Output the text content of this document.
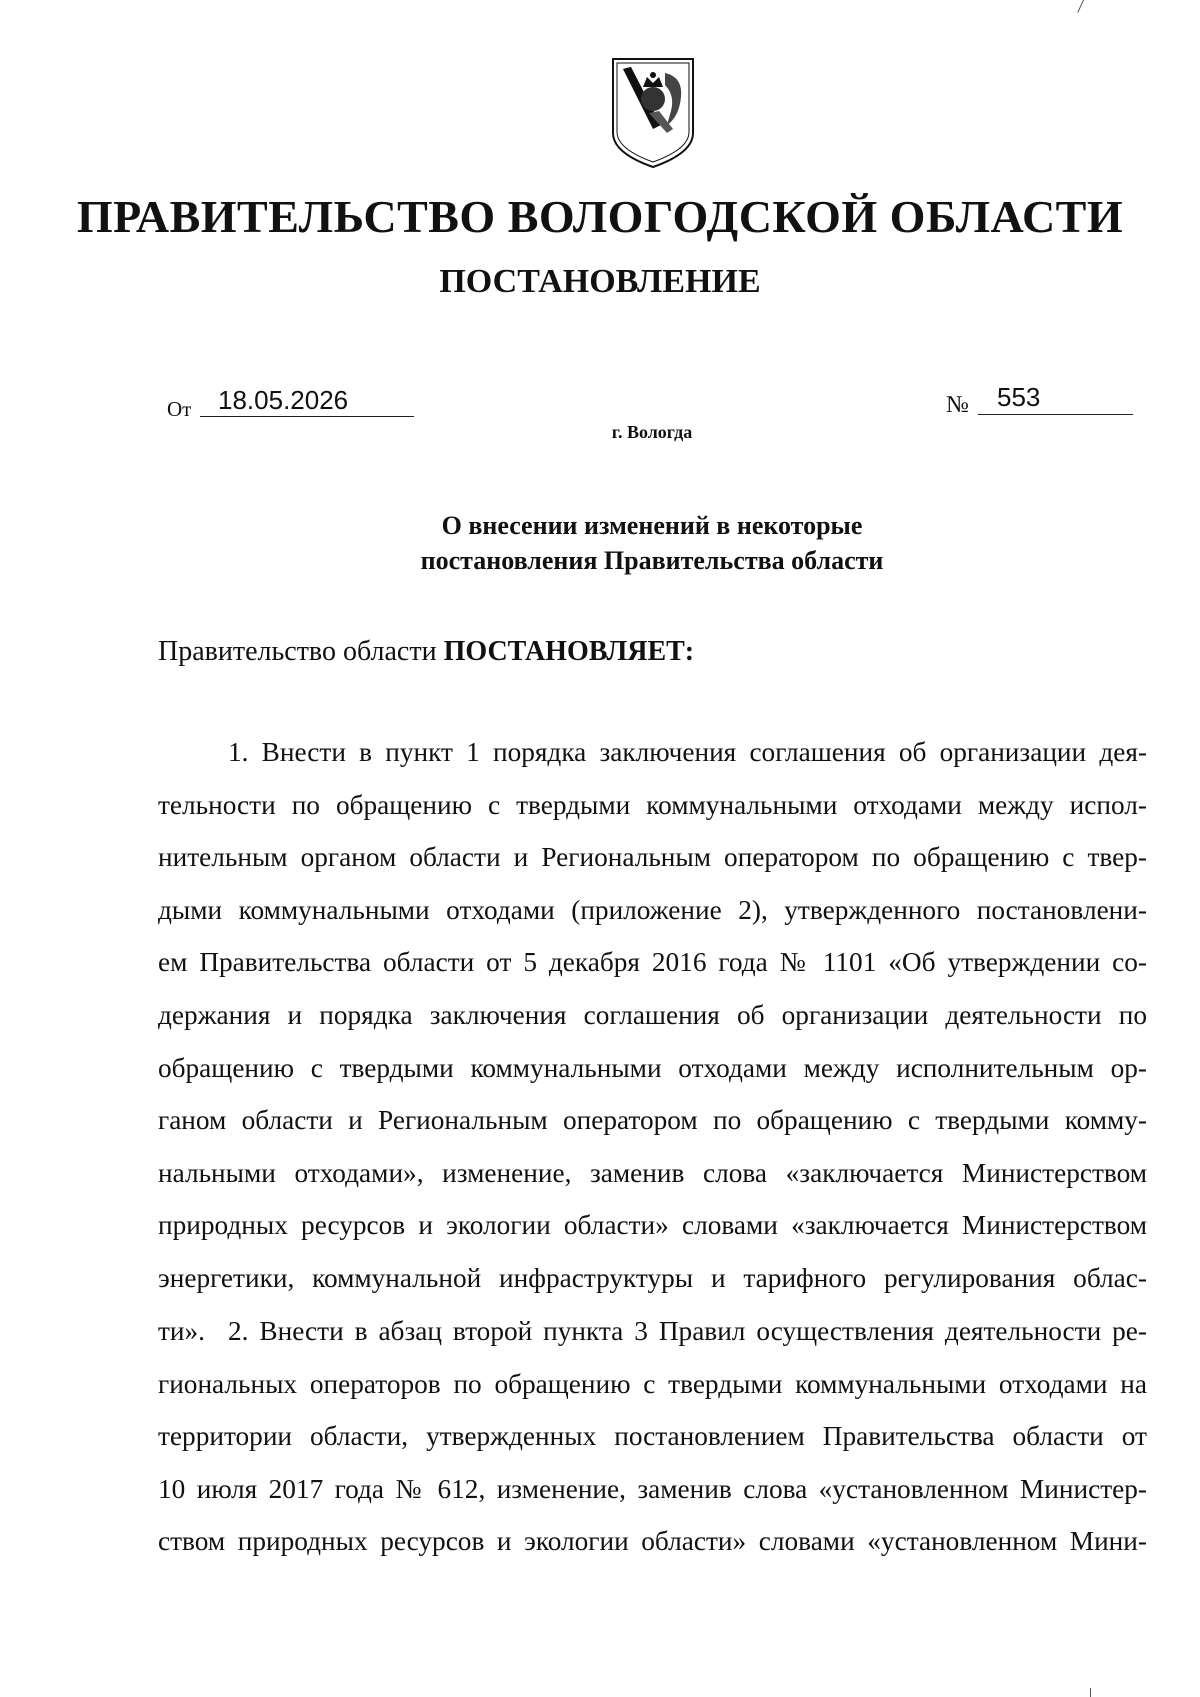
ПРАВИТЕЛЬСТВО ВОЛОГОДСКОЙ ОБЛАСТИ
ПОСТАНОВЛЕНИЕ
От	18.05.2026	№	553
г. Вологда
О внесении изменений в некоторые
постановления Правительства области
Правительство области ПОСТАНОВЛЯЕТ:
1. Внести в пункт 1 порядка заключения соглашения об организации дея-
тельности по обращению с твердыми коммунальными отходами между испол-
нительным органом области и Региональным оператором по обращению с твер-
дыми коммунальными отходами (приложение 2), утвержденного постановлени-
ем Правительства области от 5 декабря 2016 года № 1101 «Об утверждении со-
держания и порядка заключения соглашения об организации деятельности по
обращению с твердыми коммунальными отходами между исполнительным ор-
ганом области и Региональным оператором по обращению с твердыми комму-
нальными отходами», изменение, заменив слова «заключается Министерством
природных ресурсов и экологии области» словами «заключается Министерством
энергетики, коммунальной инфраструктуры и тарифного регулирования облас-
ти». 2. Внести в абзац второй пункта 3 Правил осуществления деятельности ре-
гиональных операторов по обращению с твердыми коммунальными отходами на
территории области, утвержденных постановлением Правительства области от
10 июля 2017 года № 612, изменение, заменив слова «установленном Министер-
ством природных ресурсов и экологии области» словами «установленном Мини-
